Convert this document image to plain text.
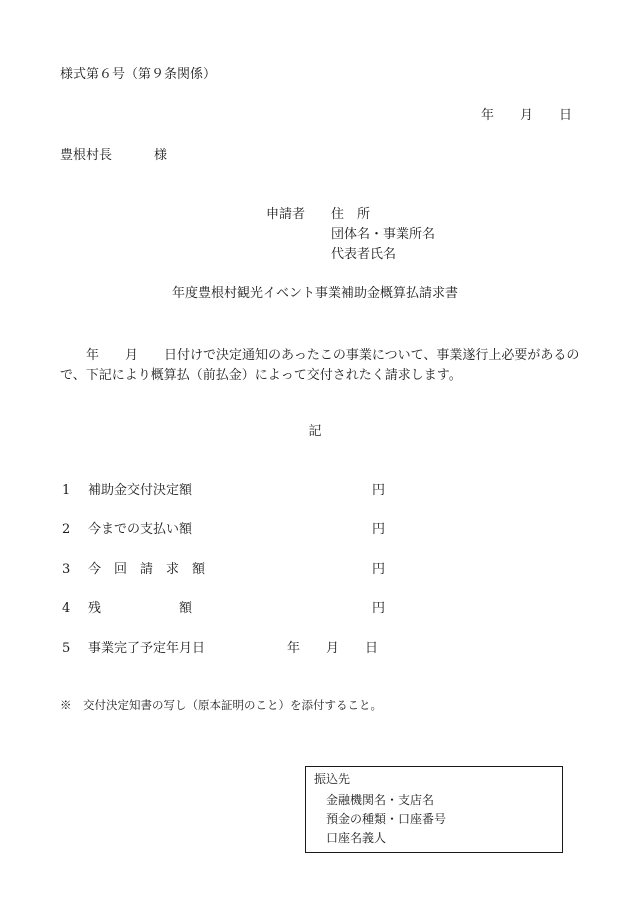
様式第６号（第９条関係）
年 月 日
豊根村長	様
申請者 住　所
団体名・事業所名
代表者氏名
年度豊根村観光イベント事業補助金概算払請求書
年　　月　　日付けで決定通知のあったこの事業について、事業遂行上必要があるので、下記により概算払（前払金）によって交付されたく請求します。
記
1 補助金交付決定額	円
2 今までの支払い額	円
3 今　回　請　求　額	円
4 残　　　　　　額	円
5 事業完了予定年月日	年　　月　　日
※　交付決定知書の写し（原本証明のこと）を添付すること。
振込先
金融機関名・支店名
預金の種類・口座番号
口座名義人
